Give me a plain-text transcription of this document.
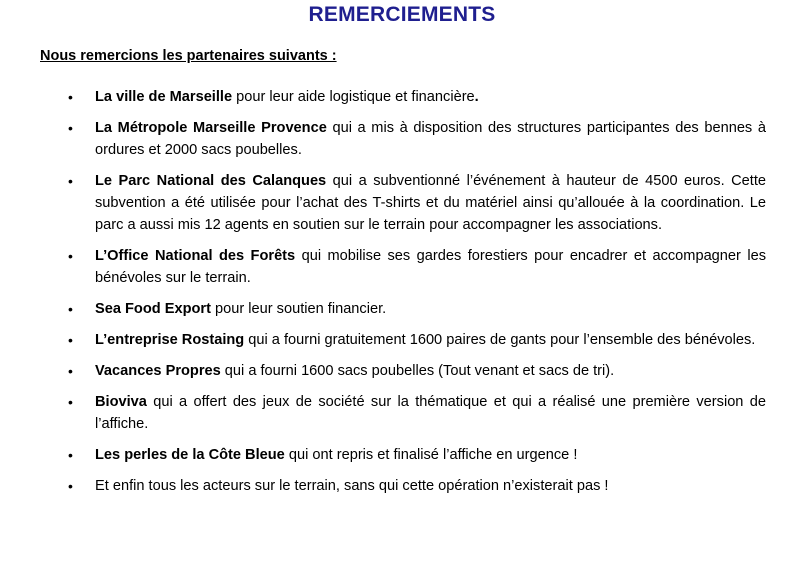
REMERCIEMENTS

Nous remercions les partenaires suivants :

•	La ville de Marseille pour leur aide logistique et financière.
•	La Métropole Marseille Provence qui a mis à disposition des structures participantes des bennes à ordures et 2000 sacs poubelles.
•	Le Parc National des Calanques qui a subventionné l’événement à hauteur de 4500 euros. Cette subvention a été utilisée pour l’achat des T-shirts et du matériel ainsi qu’allouée à la coordination. Le parc a aussi mis 12 agents en soutien sur le terrain pour accompagner les associations.
•	L’Office National des Forêts qui mobilise ses gardes forestiers pour encadrer et accompagner les bénévoles sur le terrain.
•	Sea Food Export pour leur soutien financier.
•	L’entreprise Rostaing qui a fourni gratuitement 1600 paires de gants pour l’ensemble des bénévoles.
•	Vacances Propres qui a fourni 1600 sacs poubelles (Tout venant et sacs de tri).
•	Bioviva qui a offert des jeux de société sur la thématique et qui a réalisé une première version de l’affiche.
•	Les perles de la Côte Bleue qui ont repris et finalisé l’affiche en urgence !
•	Et enfin tous les acteurs sur le terrain, sans qui cette opération n’existerait pas !
